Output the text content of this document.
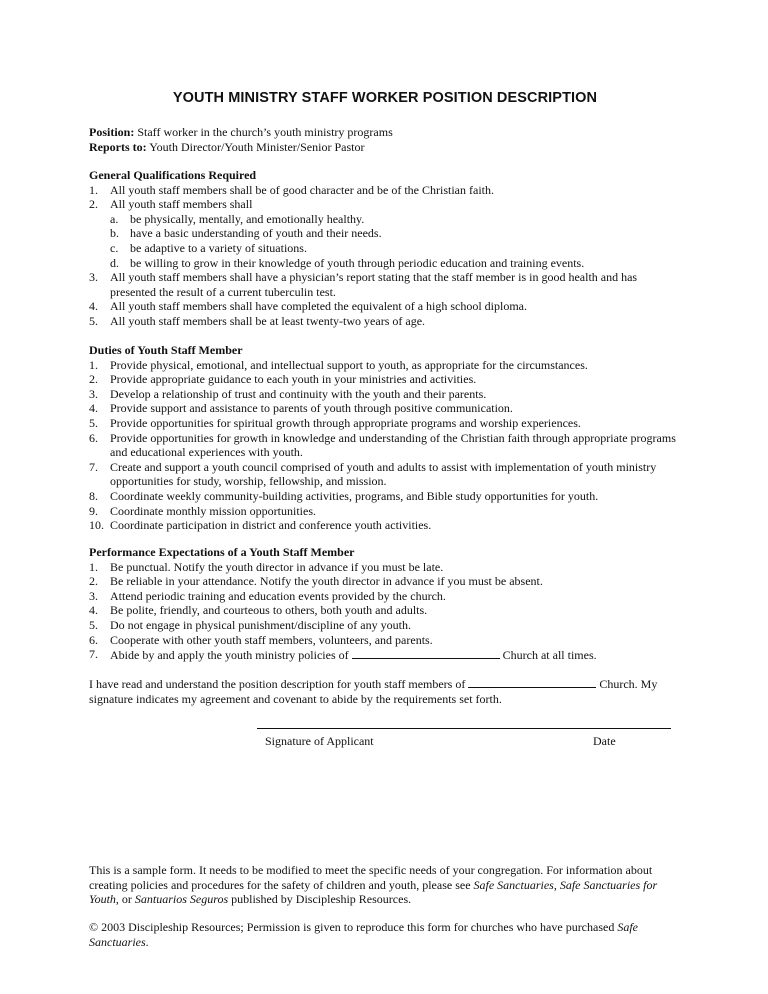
YOUTH MINISTRY STAFF WORKER POSITION DESCRIPTION
Position: Staff worker in the church’s youth ministry programs
Reports to: Youth Director/Youth Minister/Senior Pastor
General Qualifications Required
1. All youth staff members shall be of good character and be of the Christian faith.
2. All youth staff members shall
a. be physically, mentally, and emotionally healthy.
b. have a basic understanding of youth and their needs.
c. be adaptive to a variety of situations.
d. be willing to grow in their knowledge of youth through periodic education and training events.
3. All youth staff members shall have a physician’s report stating that the staff member is in good health and has presented the result of a current tuberculin test.
4. All youth staff members shall have completed the equivalent of a high school diploma.
5. All youth staff members shall be at least twenty-two years of age.
Duties of Youth Staff Member
1. Provide physical, emotional, and intellectual support to youth, as appropriate for the circumstances.
2. Provide appropriate guidance to each youth in your ministries and activities.
3. Develop a relationship of trust and continuity with the youth and their parents.
4. Provide support and assistance to parents of youth through positive communication.
5. Provide opportunities for spiritual growth through appropriate programs and worship experiences.
6. Provide opportunities for growth in knowledge and understanding of the Christian faith through appropriate programs and educational experiences with youth.
7. Create and support a youth council comprised of youth and adults to assist with implementation of youth ministry opportunities for study, worship, fellowship, and mission.
8. Coordinate weekly community-building activities, programs, and Bible study opportunities for youth.
9. Coordinate monthly mission opportunities.
10. Coordinate participation in district and conference youth activities.
Performance Expectations of a Youth Staff Member
1. Be punctual. Notify the youth director in advance if you must be late.
2. Be reliable in your attendance. Notify the youth director in advance if you must be absent.
3. Attend periodic training and education events provided by the church.
4. Be polite, friendly, and courteous to others, both youth and adults.
5. Do not engage in physical punishment/discipline of any youth.
6. Cooperate with other youth staff members, volunteers, and parents.
7. Abide by and apply the youth ministry policies of	Church at all times.
I have read and understand the position description for youth staff members of	Church. My signature indicates my agreement and covenant to abide by the requirements set forth.
Signature of Applicant	Date
This is a sample form. It needs to be modified to meet the specific needs of your congregation. For information about creating policies and procedures for the safety of children and youth, please see Safe Sanctuaries, Safe Sanctuaries for Youth, or Santuarios Seguros published by Discipleship Resources.
© 2003 Discipleship Resources; Permission is given to reproduce this form for churches who have purchased Safe Sanctuaries.
